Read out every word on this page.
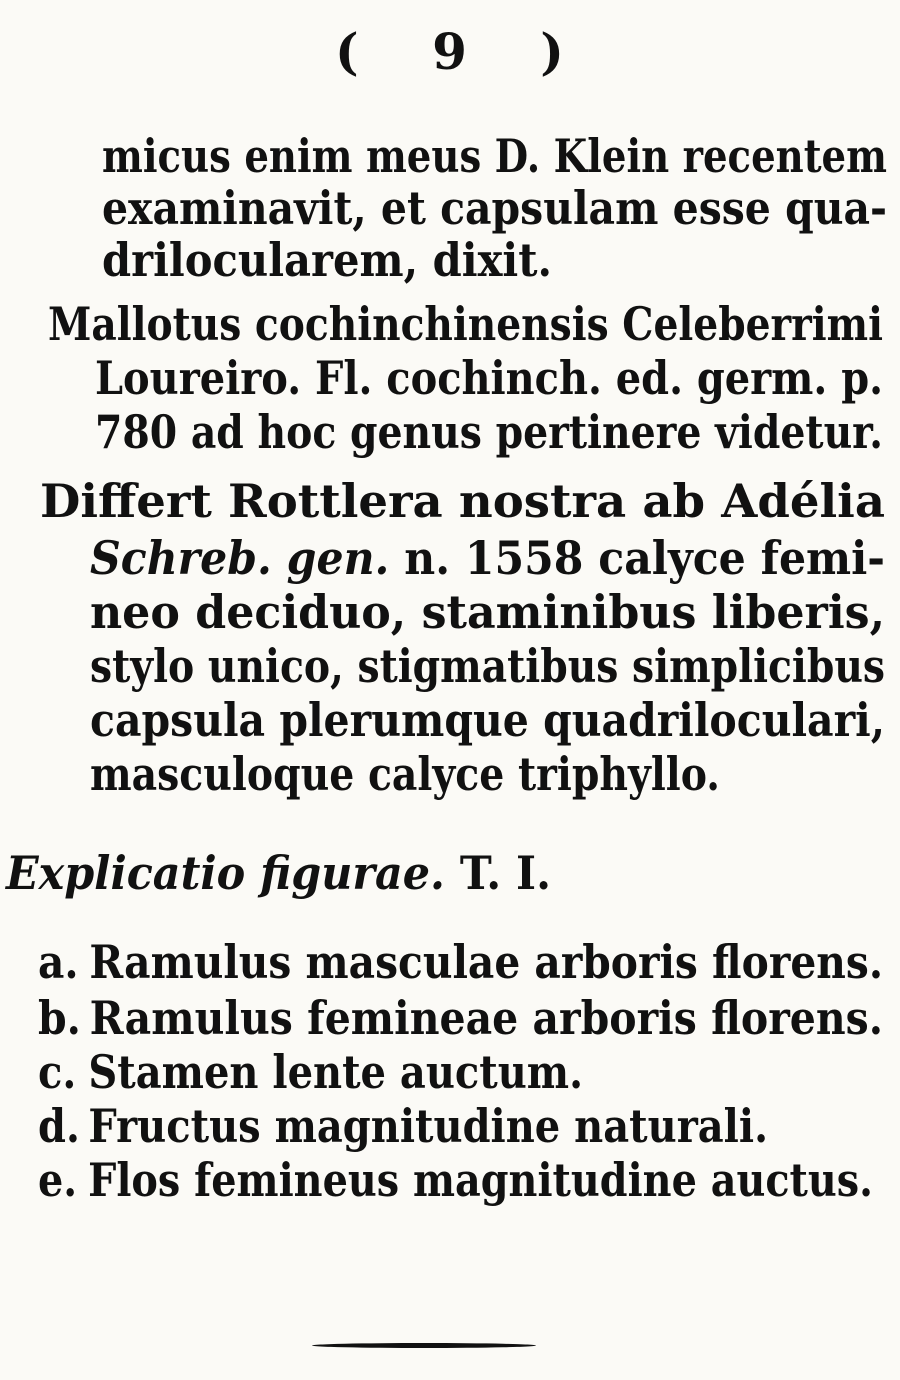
( 9 )
micus enim meus D. Klein recentem
examinavit, et capsulam esse qua-
drilocularem, dixit.
Mallotus cochinchinensis Celeberrimi
Loureiro. Fl. cochinch. ed. germ. p.
780 ad hoc genus pertinere videtur.
Differt Rottlera nostra ab Adélia
Schreb. gen. n. 1558 calyce femi-
neo deciduo, staminibus liberis,
stylo unico, stigmatibus simplicibus
capsula plerumque quadriloculari,
masculoque calyce triphyllo.
Explicatio figurae. T. I.
a. Ramulus masculae arboris florens.
b. Ramulus femineae arboris florens.
c. Stamen lente auctum.
d. Fructus magnitudine naturali.
e. Flos femineus magnitudine auctus.
